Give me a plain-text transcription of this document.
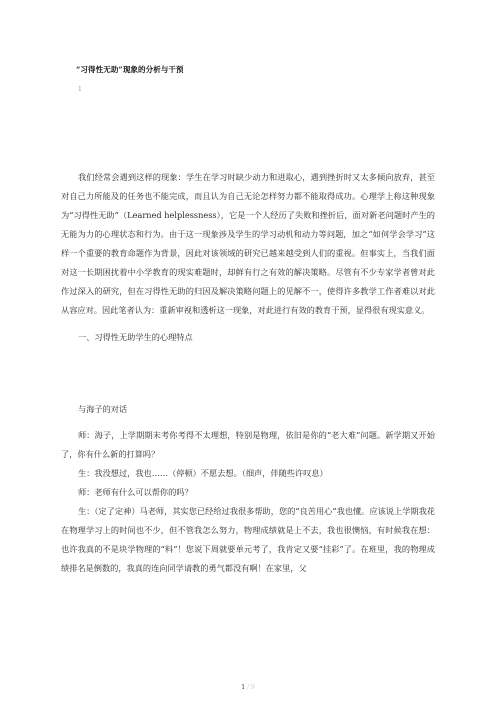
“习得性无助”现象的分析与干预
1

我们经常会遇到这样的现象：学生在学习时缺少动力和进取心，遇到挫折时又太多倾向放弃，甚至对自己力所能及的任务也不能完成，而且认为自己无论怎样努力都不能取得成功。心理学上称这种现象为“习得性无助”（Learned helplessness），它是一个人经历了失败和挫折后，面对新老问题时产生的无能为力的心理状态和行为。由于这一现象涉及学生的学习动机和动力等问题，加之“如何学会学习”这样一个重要的教育命题作为背景，因此对该领域的研究已越来越受到人们的重视。但事实上，当我们面对这一长期困扰着中小学教育的现实难题时，却鲜有行之有效的解决策略。尽管有不少专家学者曾对此作过深入的研究，但在习得性无助的归因及解决策略问题上的见解不一，使得许多教学工作者难以对此从容应对。因此笔者认为：重新审视和透析这一现象，对此进行有效的教育干预，显得很有现实意义。

一、习得性无助学生的心理特点

与海子的对话

师：海子，上学期期末考你考得不太理想，特别是物理，依旧是你的“老大难”问题。新学期又开始了，你有什么新的打算吗？

生：我没想过，我也……（停顿）不愿去想。（细声，伴随些许叹息）

师：老师有什么可以帮你的吗？

生：（定了定神）马老师，其实您已经给过我很多帮助，您的“良苦用心”我也懂。应该说上学期我花在物理学习上的时间也不少，但不管我怎么努力，物理成绩就是上不去，我也很懊恼，有时候我在想：也许我真的不是块学物理的“料”！您说下周就要单元考了，我肯定又要“挂彩”了。在班里，我的物理成绩排名是倒数的，我真的连向同学请教的勇气都没有啊！在家里，父

1 / 9
